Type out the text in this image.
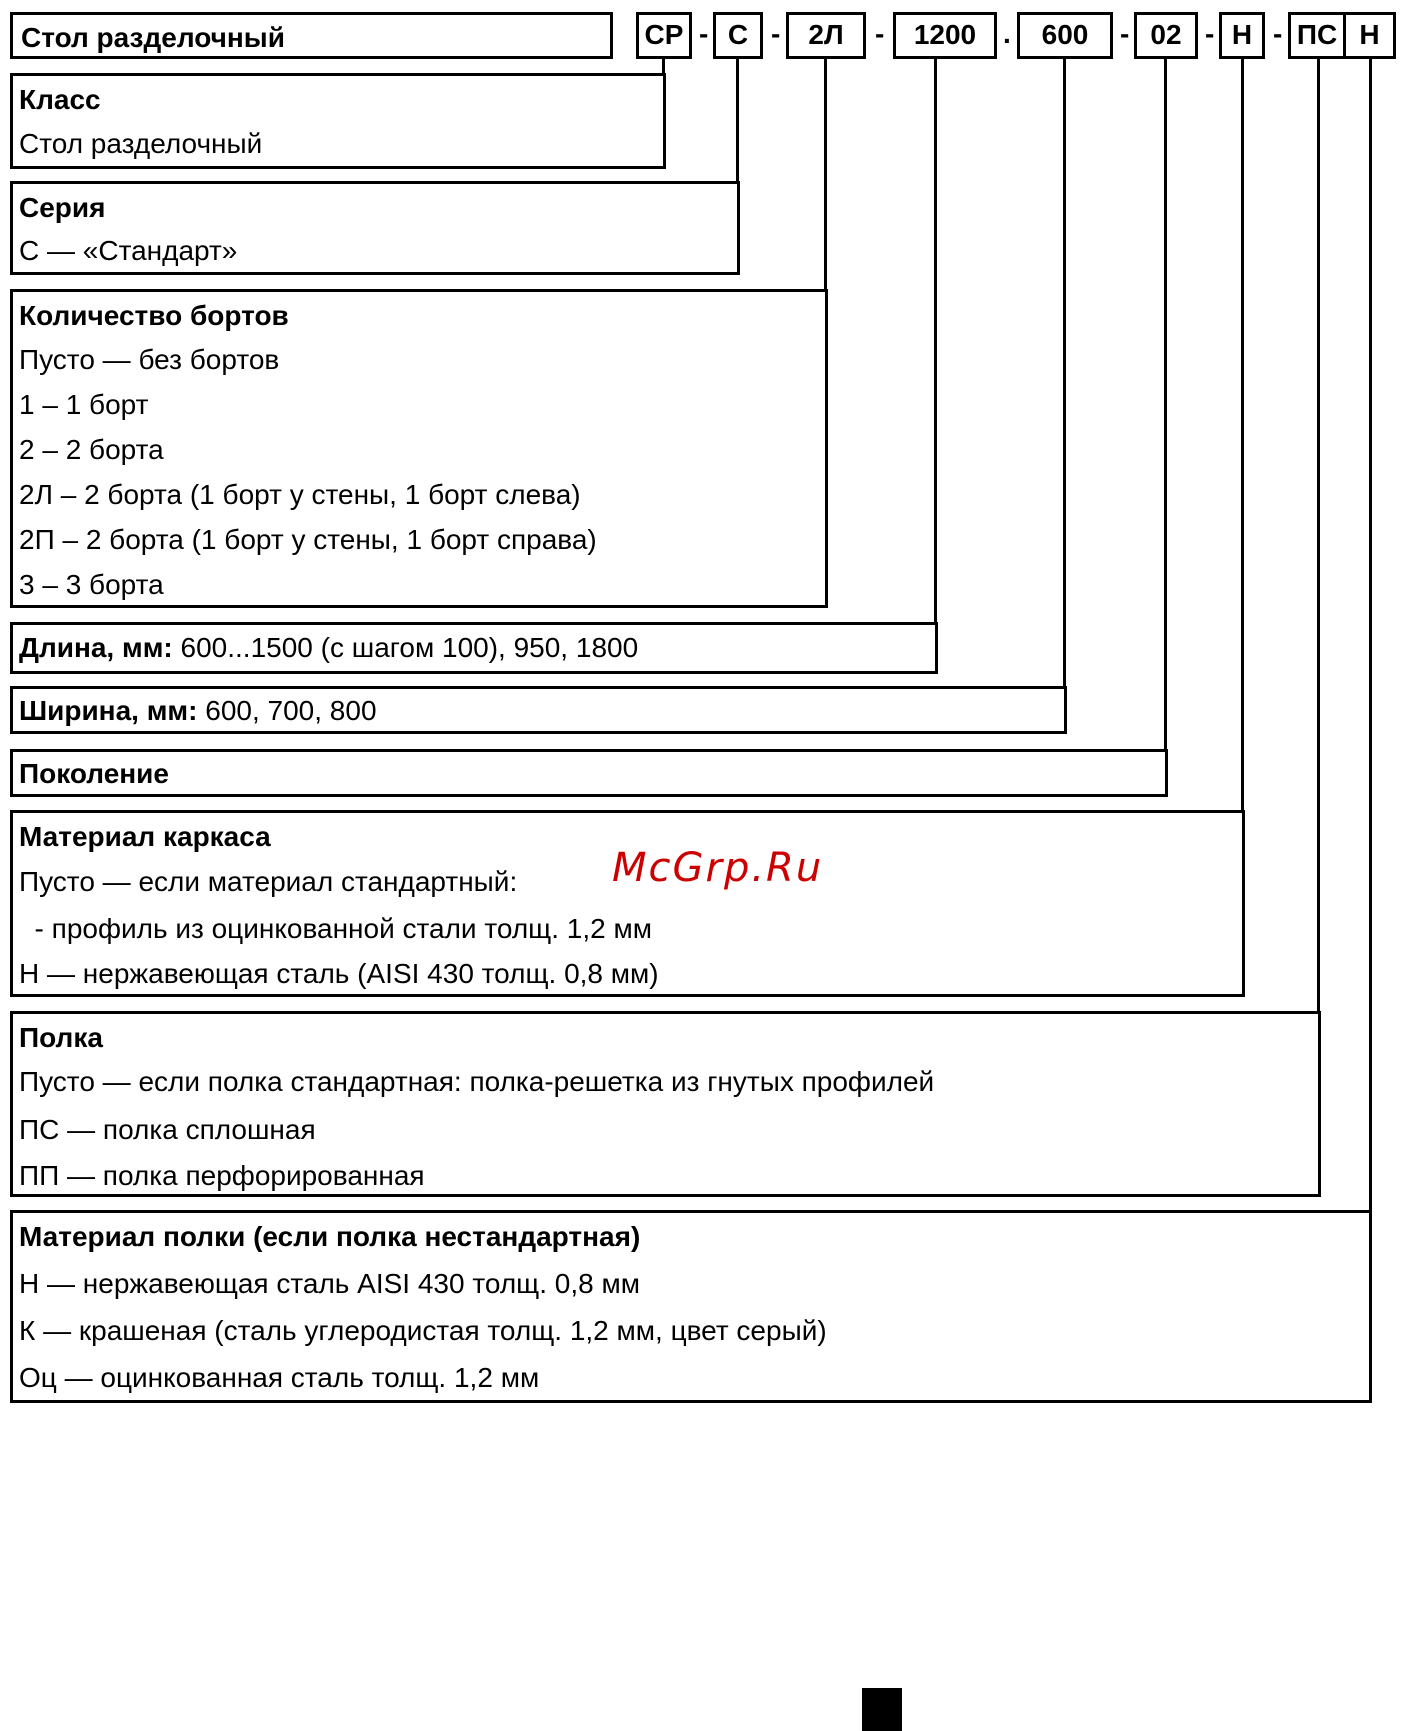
Стол разделочный	СР - С -	2Л	-	1200 .	600	- 02 - Н - ПС Н
Класс
Стол разделочный
Серия
С — «Стандарт»
Количество бортов
Пусто — без бортов
1 – 1 борт
2 – 2 борта
2Л – 2 борта (1 борт у стены, 1 борт слева)
2П – 2 борта (1 борт у стены, 1 борт справа)
3 – 3 борта
Длина, мм: 600...1500 (с шагом 100), 950, 1800
Ширина, мм: 600, 700, 800
Поколение
Материал каркаса
Пусто — если материал стандартный:
- профиль из оцинкованной стали толщ. 1,2 мм
Н — нержавеющая сталь (AISI 430 толщ. 0,8 мм)
Полка
Пусто — если полка стандартная: полка-решетка из гнутых профилей
ПС — полка сплошная
ПП — полка перфорированная
Материал полки (если полка нестандартная)
Н — нержавеющая сталь AISI 430 толщ. 0,8 мм
К — крашеная (сталь углеродистая толщ. 1,2 мм, цвет серый)
Оц — оцинкованная сталь толщ. 1,2 мм
McGrp.Ru
